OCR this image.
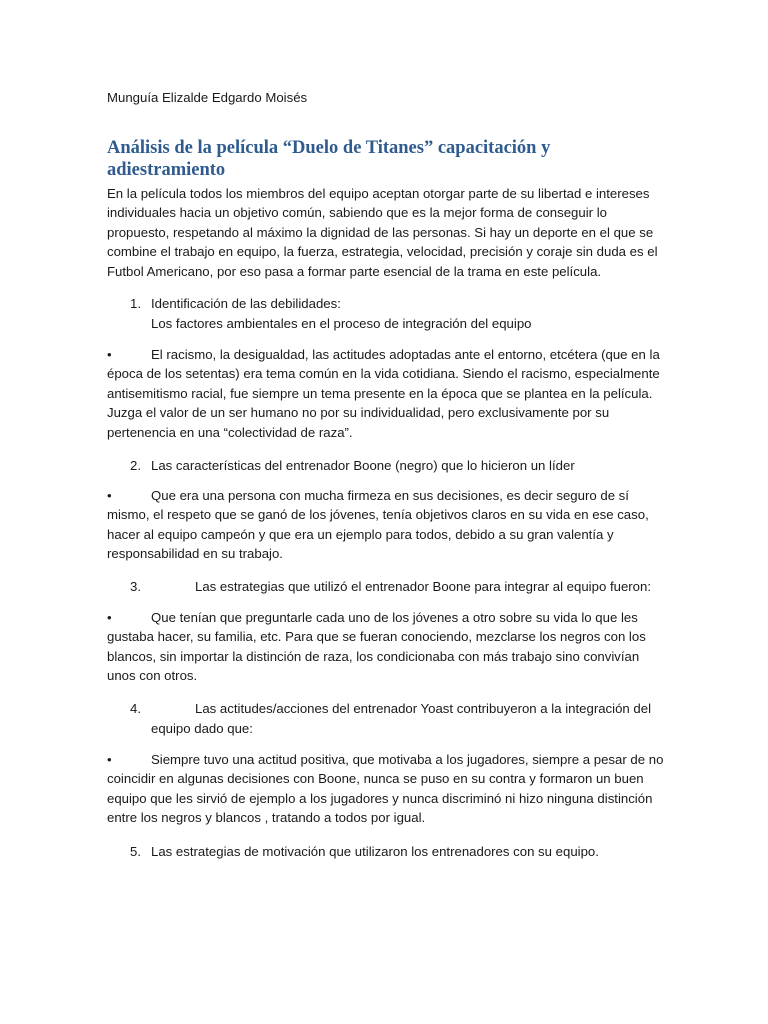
Munguía Elizalde Edgardo Moisés
Análisis de la película “Duelo de Titanes” capacitación y adiestramiento

En la película todos los miembros del equipo aceptan otorgar parte de su libertad e intereses individuales hacia un objetivo común, sabiendo que es la mejor forma de conseguir lo propuesto, respetando al máximo la dignidad de las personas. Si hay un deporte en el que se combine el trabajo en equipo, la fuerza, estrategia, velocidad, precisión y coraje sin duda es el Futbol Americano, por eso pasa a formar parte esencial de la trama en este película.

1. Identificación de las debilidades:
Los factores ambientales en el proceso de integración del equipo

•	El racismo, la desigualdad, las actitudes adoptadas ante el entorno, etcétera (que en la época de los setentas) era tema común en la vida cotidiana. Siendo el racismo, especialmente antisemitismo racial, fue siempre un tema presente en la época que se plantea en la película. Juzga el valor de un ser humano no por su individualidad, pero exclusivamente por su pertenencia en una “colectividad de raza”.

2. Las características del entrenador Boone (negro) que lo hicieron un líder

•	Que era una persona con mucha firmeza en sus decisiones, es decir seguro de sí mismo, el respeto que se ganó de los jóvenes, tenía objetivos claros en su vida en ese caso, hacer al equipo campeón y que era un ejemplo para todos, debido a su gran valentía y responsabilidad en su trabajo.

3.	Las estrategias que utilizó el entrenador Boone para integrar al equipo fueron:

•	Que tenían que preguntarle cada uno de los jóvenes a otro sobre su vida lo que les gustaba hacer, su familia, etc. Para que se fueran conociendo, mezclarse los negros con los blancos, sin importar la distinción de raza, los condicionaba con más trabajo sino convivían unos con otros.

4.	Las actitudes/acciones del entrenador Yoast contribuyeron a la integración del
equipo dado que:

•	Siempre tuvo una actitud positiva, que motivaba a los jugadores, siempre a pesar de no coincidir en algunas decisiones con Boone, nunca se puso en su contra y formaron un buen equipo que les sirvió de ejemplo a los jugadores y nunca discriminó ni hizo ninguna distinción entre los negros y blancos , tratando a todos por igual.

5. Las estrategias de motivación que utilizaron los entrenadores con su equipo.
